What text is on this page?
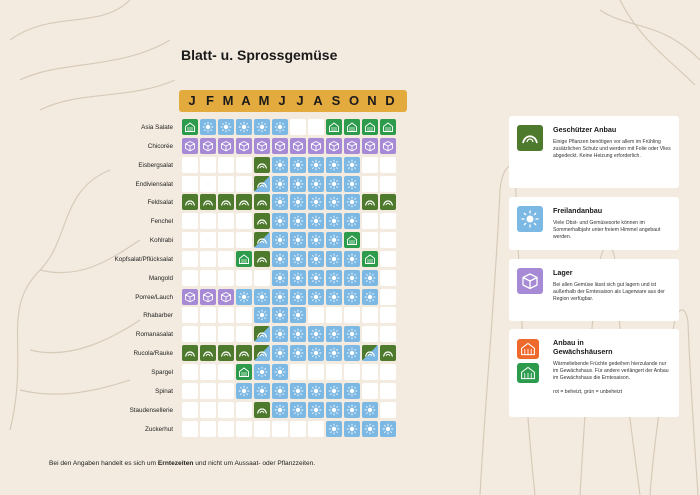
Blatt- u. Sprossgemüse
J F M A M J J A S O N D
Asia Salate
Chicorée
Eisbergsalat
Endiviensalat
Feldsalat
Fenchel
Kohlrabi
Kopfsalat/Pflücksalat
Mangold
Porree/Lauch
Rhabarber
Romanasalat
Rucola/Rauke
Spargel
Spinat
Staudensellerie
Zuckerhut
Geschützer Anbau

Einige Pflanzen benötigen vor allem im Frühling zusätzlichen Schutz und werden mit Folie oder Vlies abgedeckt. Keine Heizung erforderlich.

Freilandanbau

Viele Obst- und Gemüsesorte können im Sommerhalbjahr unter freiem Himmel angebaut werden.

Lager

Bei allen Gemüse lässt sich gut lagern und ist außerhalb der Erntesaison als Lagerware aus der Region verfügbar.

Anbau in Gewächshäusern

Wärmeliebende Früchte gedeihen hierzulande nur im Gewächshaus. Für andere verlängert der Anbau im Gewächshaus die Erntesaison.

rot = beheizt, grün = unbeheizt

Bei den Angaben handelt es sich um Erntezeiten und nicht um Aussaat- oder Pflanzzeiten.
